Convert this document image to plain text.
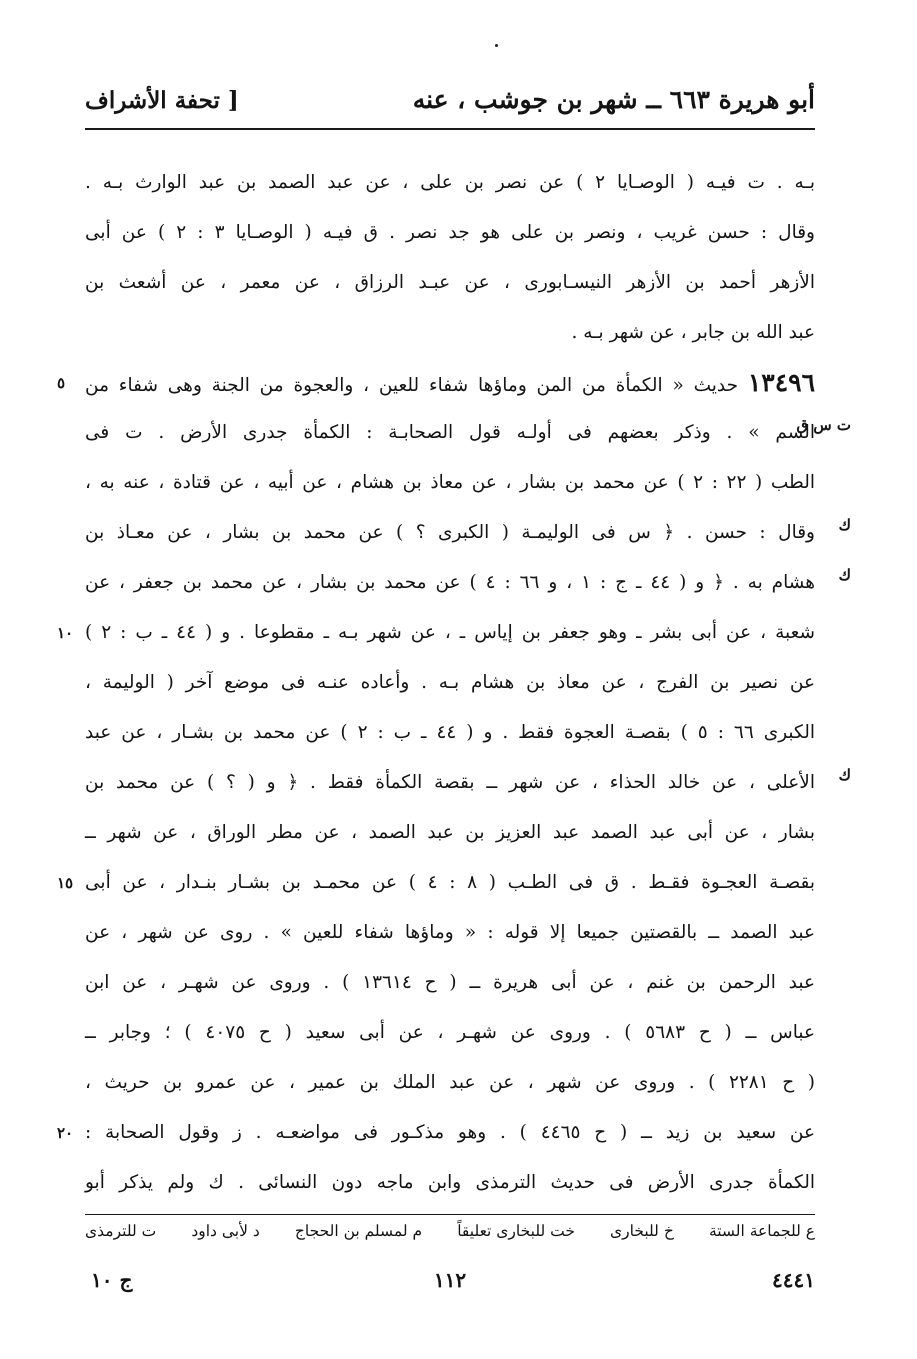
أبو هريرة ٦٦٣ ــ شهر بن جوشب ، عنه
[ تحفة الأشراف
بـه . ت فيـه ( الوصـايا ٢ ) عن نصر بن على ، عن عبد الصمد بن عبد الوارث بـه .
وقال : حسن غريب ، ونصر بن على هو جد نصر . ق فيـه ( الوصـايا ٣ : ٢ ) عن أبى
الأزهر أحمد بن الأزهر النيسـابورى ، عن عبـد الرزاق ، عن معمر ، عن أشعث بن
عبد الله بن جابر ، عن شهر بـه .
١٣٤٩٦ حديث « الكمأة من المن وماؤها شفاء للعين ، والعجوة من الجنة وهى شفاء من
٥
السم » . وذكر بعضهم فى أولـه قول الصحابـة : الكمأة جدرى الأرض . ت فى
ت س ق
الطب ( ٢٢ : ٢ ) عن محمد بن بشار ، عن معاذ بن هشام ، عن أبيه ، عن قتادة ، عنه به ،
وقال : حسن . ﴿ س فى الوليمـة ( الكبرى ؟ ) عن محمد بن بشار ، عن معـاذ بن ك
هشام به . ﴿ و ( ٤٤ ـ ج : ١ ، و ٦٦ : ٤ ) عن محمد بن بشار ، عن محمد بن جعفر ، عن ك
شعبة ، عن أبى بشر ـ وهو جعفر بن إياس ـ ، عن شهر بـه ـ مقطوعا . و ( ٤٤ ـ ب : ٢ )
١٠
عن نصير بن الفرج ، عن معاذ بن هشام بـه . وأعاده عنـه فى موضع آخر ( الوليمة ،
الكبرى ٦٦ : ٥ ) بقصـة العجوة فقط . و ( ٤٤ ـ ب : ٢ ) عن محمد بن بشـار ، عن عبد
الأعلى ، عن خالد الحذاء ، عن شهر ــ بقصة الكمأة فقط . ﴿ و ( ؟ ) عن محمد بن ك
بشار ، عن أبى عبد الصمد عبد العزيز بن عبد الصمد ، عن مطر الوراق ، عن شهر ــ
بقصـة العجـوة فقـط . ق فى الطـب ( ٨ : ٤ ) عن محمـد بن بشـار بنـدار ، عن أبى
١٥
عبد الصمد ــ بالقصتين جميعا إلا قوله : « وماؤها شفاء للعين » . روى عن شهر ، عن
عبد الرحمن بن غنم ، عن أبى هريرة ــ ( ح ١٣٦١٤ ) . وروى عن شهـر ، عن ابن
عباس ــ ( ح ٥٦٨٣ ) . وروى عن شهـر ، عن أبى سعيد ( ح ٤٠٧٥ ) ؛ وجابر ــ
( ح ٢٢٨١ ) . وروى عن شهر ، عن عبد الملك بن عمير ، عن عمرو بن حريث ،
عن سعيد بن زيد ــ ( ح ٤٤٦٥ ) . وهو مذكـور فى مواضعـه . ز وقول الصحابة :
٢٠
الكمأة جدرى الأرض فى حديث الترمذى وابن ماجه دون النسائى . ك ولم يذكر أبو
ع للجماعة الستة
خ للبخارى
خت للبخارى تعليقاً
م لمسلم بن الحجاج
د لأبى داود
ت للترمذى
٤٤٤١
١١٢
ج ١٠
